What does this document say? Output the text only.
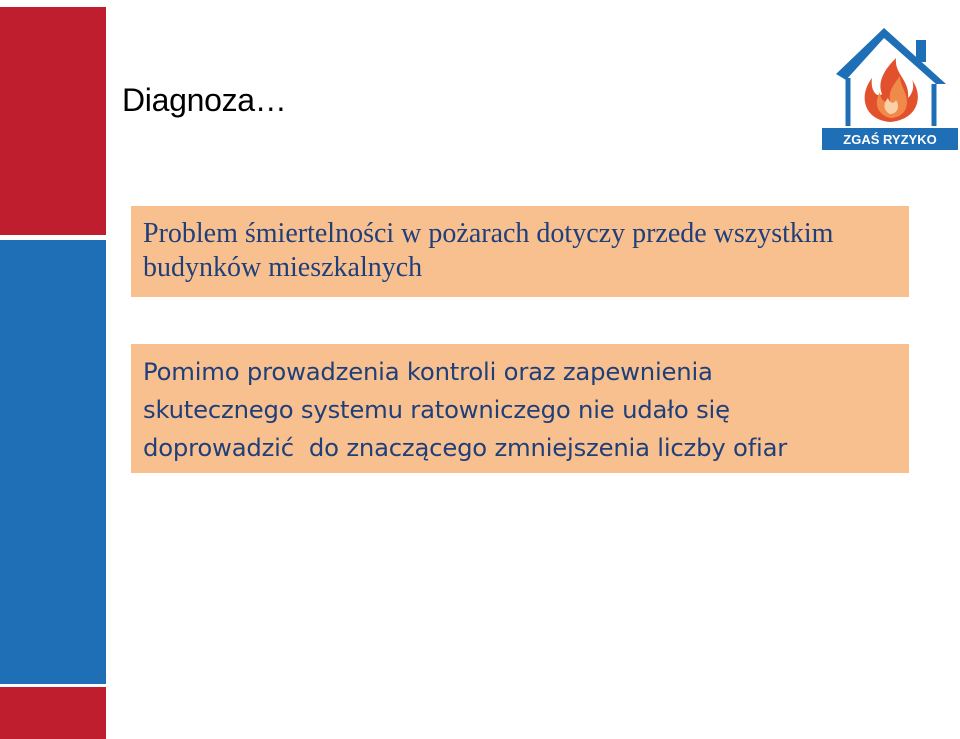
Diagnoza…
ZGAŚ RYZYKO

Problem śmiertelności w pożarach dotyczy przede wszystkim budynków mieszkalnych

Pomimo prowadzenia kontroli oraz zapewnienia

skutecznego systemu ratowniczego nie udało się

doprowadzić  do znaczącego zmniejszenia liczby ofiar
